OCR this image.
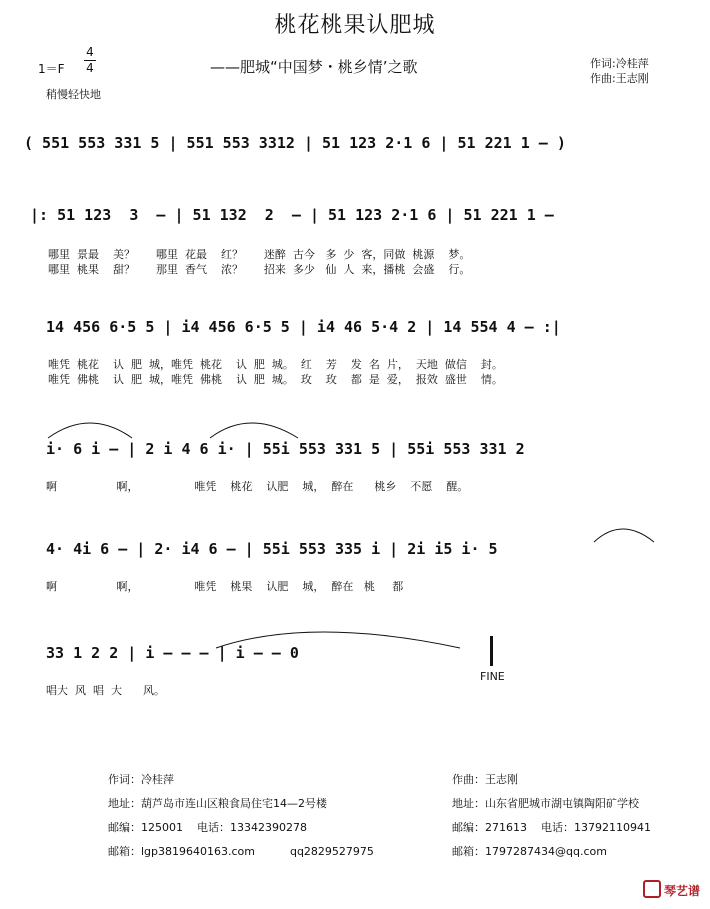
桃花桃果认肥城
——肥城“中国梦・桃乡情’之歌	作词:冷桂萍
作曲:王志刚
1＝F
4
4
稍慢轻快地
( 551 553 331 5 | 551 553 3312 | 51 123 2·1 6 | 51 221 1 – )
|: 51 123  3  – | 51 132  2  – | 51 123 2·1 6 | 51 221 1 –
哪里  景最    美？      哪里  花最    红？      迷醉  古今   多  少  客，同做  桃源    梦。
哪里  桃果    甜？      那里  香气    浓？      招来  多少   仙  人  来，播桃  会盛    行。
14 456 6·5 5 | i4 456 6·5 5 | i4 46 5·4 2 | 14 554 4 – :|
唯凭  桃花    认  肥  城，唯凭  桃花    认  肥  城。  红    芳    发  名  片，  天地  做信    封。
唯凭  佛桃    认  肥  城，唯凭  佛桃    认  肥  城。  玫    玫    都  是  爱，  报效  盛世    情。
i· 6 i – | 2 i 4 6 i· | 55i 553 331 5 | 55i 553 331 2
啊                 啊，                唯凭    桃花    认肥    城，  醉在      桃乡    不愿    醒。
4· 4i 6 – | 2· i4 6 – | 55i 553 335 i | 2i i5 i· 5
啊                 啊，                唯凭    桃果    认肥    城，  醉在   桃     都
33 1 2 2 | i – – – | i – – 0
FINE
唱大  风  唱  大      风。
作词：冷桂萍
地址：葫芦岛市连山区粮食局住宅14—2号楼
邮编：125001 电话：13342390278
邮箱：lgp3819640163.com	qq2829527975
作曲：王志刚
地址：山东省肥城市湖屯镇陶阳矿学校
邮编：271613 电话：13792110941
邮箱：1797287434@qq.com
琴艺谱
